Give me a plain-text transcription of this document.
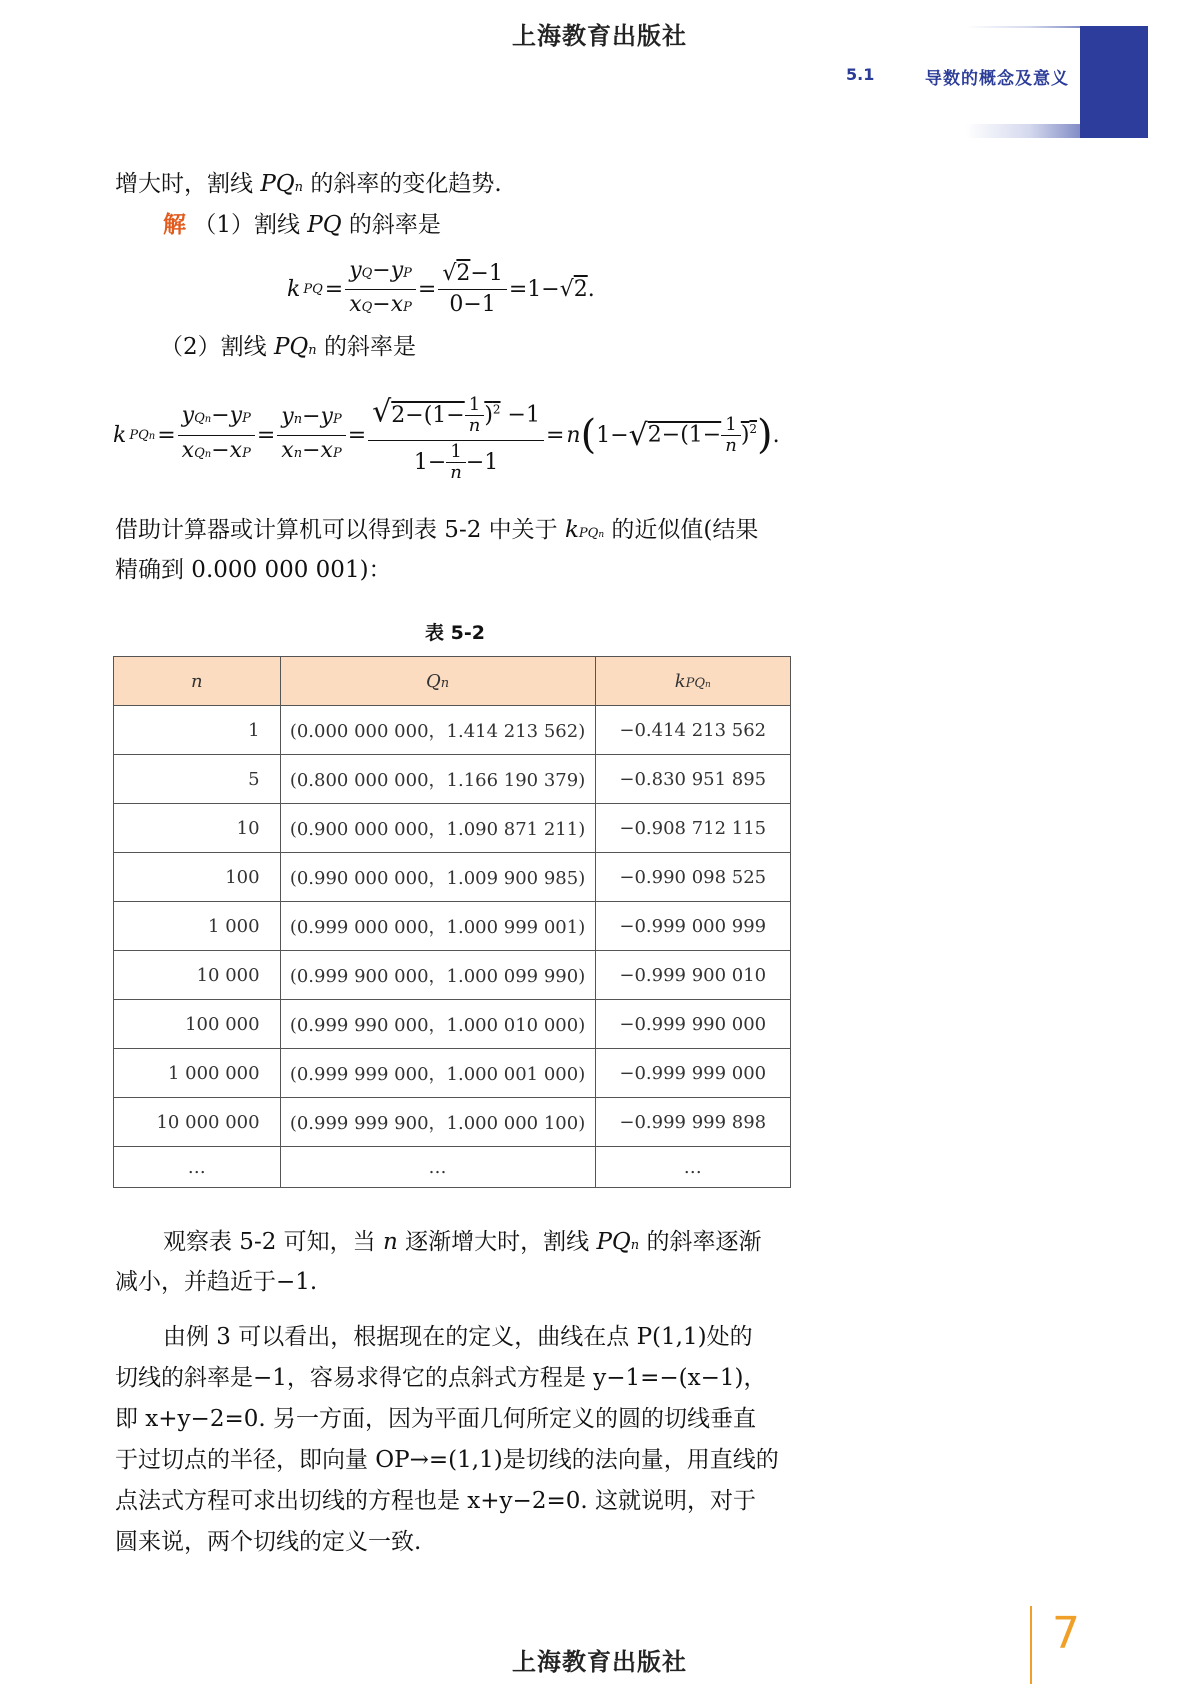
上海教育出版社
5.1	导数的概念及意义
增大时，割线 PQn 的斜率的变化趋势.
解 （1）割线 PQ 的斜率是
k PQ = $\frac{yQ-yP}{xQ-xP} = \frac{√2-1}{0-1} =1-√2$.
（2）割线 PQn 的斜率是
k PQn = $\frac{\text{yQn−yP}}{\text{xQn−xP}} = \frac{yn-yP}{xn-xP} = \frac{√2-(1- \frac{1}{n} )^2 -1}{1- \frac{1}{n} -1} = n$ ( 1− √ $2-(1- \frac{1}{n} )^2$ ) .
借助计算器或计算机可以得到表 5-2 中关于 kPQn 的近似值(结果
精确到 0.000 000 001)：
表 5-2
n	Qn	kPQn
1	(0.000 000 000，1.414 213 562)	−0.414 213 562
5	(0.800 000 000，1.166 190 379)	−0.830 951 895
10	(0.900 000 000，1.090 871 211)	−0.908 712 115
100	(0.990 000 000，1.009 900 985)	−0.990 098 525
1 000	(0.999 000 000，1.000 999 001)	−0.999 000 999
10 000	(0.999 900 000，1.000 099 990)	−0.999 900 010
100 000	(0.999 990 000，1.000 010 000)	−0.999 990 000
1 000 000	(0.999 999 000，1.000 001 000)	−0.999 999 000
10 000 000	(0.999 999 900，1.000 000 100)	−0.999 999 898
…	…	…
观察表 5-2 可知，当 n 逐渐增大时，割线 PQn 的斜率逐渐
减小，并趋近于−1.
由例 3 可以看出，根据现在的定义，曲线在点 P(1,1)处的
切线的斜率是−1，容易求得它的点斜式方程是 y−1=−(x−1)，
即 x+y−2=0. 另一方面，因为平面几何所定义的圆的切线垂直
于过切点的半径，即向量 OP→=(1,1)是切线的法向量，用直线的
点法式方程可求出切线的方程也是 x+y−2=0. 这就说明，对于
圆来说，两个切线的定义一致.
上海教育出版社
7
